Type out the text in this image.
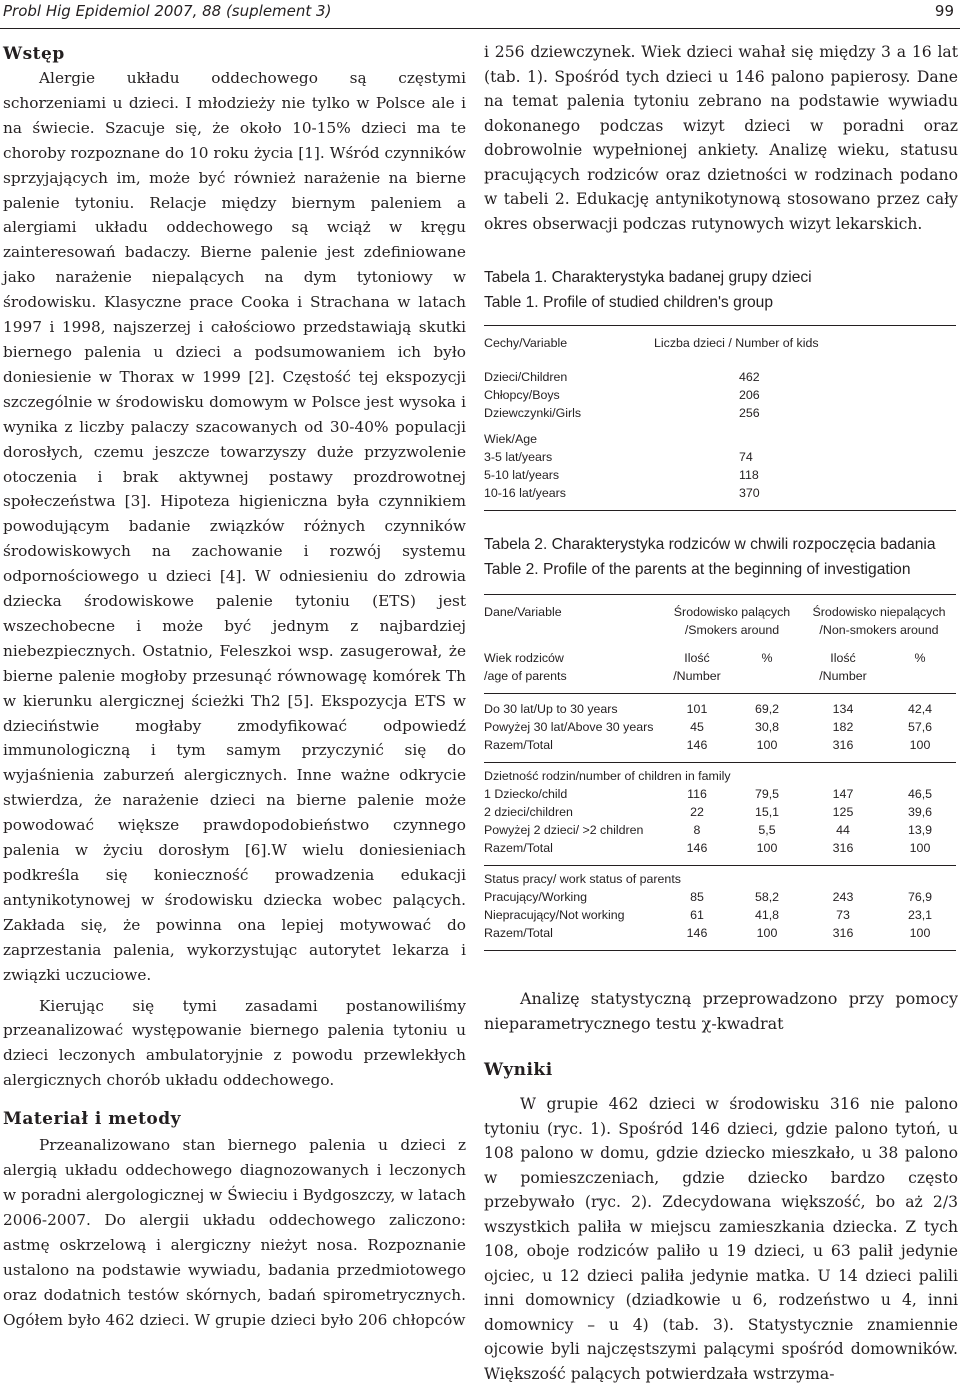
Probl Hig Epidemiol 2007, 88 (suplement 3)	99
Wstęp

Alergie układu oddechowego są częstymi schorzeniami u dzieci. I młodzieży nie tylko w Polsce ale i na świecie. Szacuje się, że około 10-15% dzieci ma te choroby rozpoznane do 10 roku życia [1]. Wśród czynników sprzyjających im, może być również narażenie na bierne palenie tytoniu. Relacje między biernym paleniem a alergiami układu oddechowego są wciąż w kręgu zainteresowań badaczy. Bierne palenie jest zdefiniowane jako narażenie niepalących na dym tytoniowy w środowisku. Klasyczne prace Cooka i Strachana w latach 1997 i 1998, najszerzej i całościowo przedstawiają skutki biernego palenia u dzieci a podsumowaniem ich było doniesienie w Thorax w 1999 [2]. Częstość tej ekspozycji szczególnie w środowisku domowym w Polsce jest wysoka i wynika z liczby palaczy szacowanych od 30-40% populacji dorosłych, czemu jeszcze towarzyszy duże przyzwolenie otoczenia i brak aktywnej postawy prozdrowotnej społeczeństwa [3]. Hipoteza higieniczna była czynnikiem powodującym badanie związków różnych czynników środowiskowych na zachowanie i rozwój systemu odpornościowego u dzieci [4]. W odniesieniu do zdrowia dziecka środowiskowe palenie tytoniu (ETS) jest wszechobecne i może być jednym z najbardziej niebezpiecznych. Ostatnio, Feleszkoi wsp. zasugerował, że bierne palenie mogłoby przesunąć równowagę komórek Th w kierunku alergicznej ścieżki Th2 [5]. Ekspozycja ETS w dzieciństwie mogłaby zmodyfikować odpowiedź immunologiczną i tym samym przyczynić się do wyjaśnienia zaburzeń alergicznych. Inne ważne odkrycie stwierdza, że narażenie dzieci na bierne palenie może powodować większe prawdopodobieństwo czynnego palenia w życiu dorosłym [6].W wielu doniesieniach podkreśla się konieczność prowadzenia edukacji antynikotynowej w środowisku dziecka wobec palących. Zakłada się, że powinna ona lepiej motywować do zaprzestania palenia, wykorzystując autorytet lekarza i związki uczuciowe.

Kierując się tymi zasadami postanowiliśmy przeanalizować występowanie biernego palenia tytoniu u dzieci leczonych ambulatoryjnie z powodu przewlekłych alergicznych chorób układu oddechowego.

Materiał i metody

Przeanalizowano stan biernego palenia u dzieci z alergią układu oddechowego diagnozowanych i leczonych w poradni alergologicznej w Świeciu i Bydgoszczy, w latach 2006-2007. Do alergii układu oddechowego zaliczono: astmę oskrzelową i alergiczny nieżyt nosa. Rozpoznanie ustalono na podstawie wywiadu, badania przedmiotowego oraz dodatnich testów skórnych, badań spirometrycznych. Ogółem było 462 dzieci. W grupie dzieci było 206 chłopców

i 256 dziewczynek. Wiek dzieci wahał się między 3 a 16 lat (tab. 1). Spośród tych dzieci u 146 palono papierosy. Dane na temat palenia tytoniu zebrano na podstawie wywiadu dokonanego podczas wizyt dzieci w poradni oraz dobrowolnie wypełnionej ankiety. Analizę wieku, statusu pracujących rodziców oraz dzietności w rodzinach podano w tabeli 2. Edukację antynikotynową stosowano przez cały okres obserwacji podczas rutynowych wizyt lekarskich.

Tabela 1. Charakterystyka badanej grupy dzieci

Table 1. Profile of studied children's group

Cechy/Variable	Liczba dzieci / Number of kids

Dzieci/Children	462
Chłopcy/Boys	206
Dziewczynki/Girls	256

Wiek/Age	
3-5 lat/years	74
5-10 lat/years	118
10-16 lat/years	370

Tabela 2. Charakterystyka rodziców w chwili rozpoczęcia badania

Table 2. Profile of the parents at the beginning of investigation

Dane/Variable	Środowisko palących		Środowisko niepalących	
	/Smokers around		/Non-smokers around	

Wiek rodziców	Ilość	%	Ilość	%
/age of parents	/Number		/Number	

Do 30 lat/Up to 30 years	101	69,2	134	42,4
Powyżej 30 lat/Above 30 years	45	30,8	182	57,6
Razem/Total	146	100	316	100

Dzietność rodzin/number of children in family				
1 Dziecko/child	116	79,5	147	46,5
2 dzieci/children	22	15,1	125	39,6
Powyżej 2 dzieci/ >2 children	8	5,5	44	13,9
Razem/Total	146	100	316	100

Status pracy/ work status of parents				
Pracujący/Working	85	58,2	243	76,9
Niepracujący/Not working	61	41,8	73	23,1
Razem/Total	146	100	316	100

Analizę statystyczną przeprowadzono przy pomocy nieparametrycznego testu χ-kwadrat

Wyniki

W grupie 462 dzieci w środowisku 316 nie palono tytoniu (ryc. 1). Spośród 146 dzieci, gdzie palono tytoń, u 108 palono w domu, gdzie dziecko mieszkało, u 38 palono w pomieszczeniach, gdzie dziecko bardzo często przebywało (ryc. 2). Zdecydowana większość, bo aż 2/3 wszystkich paliła w miejscu zamieszkania dziecka. Z tych 108, oboje rodziców paliło u 19 dzieci, u 63 palił jedynie ojciec, u 12 dzieci paliła jedynie matka. U 14 dzieci palili inni domownicy (dziadkowie u 6, rodzeństwo u 4, inni domownicy – u 4) (tab. 3). Statystycznie znamiennie ojcowie byli najczęstszymi palącymi spośród domowników. Większość palących potwierdzała wstrzyma-
